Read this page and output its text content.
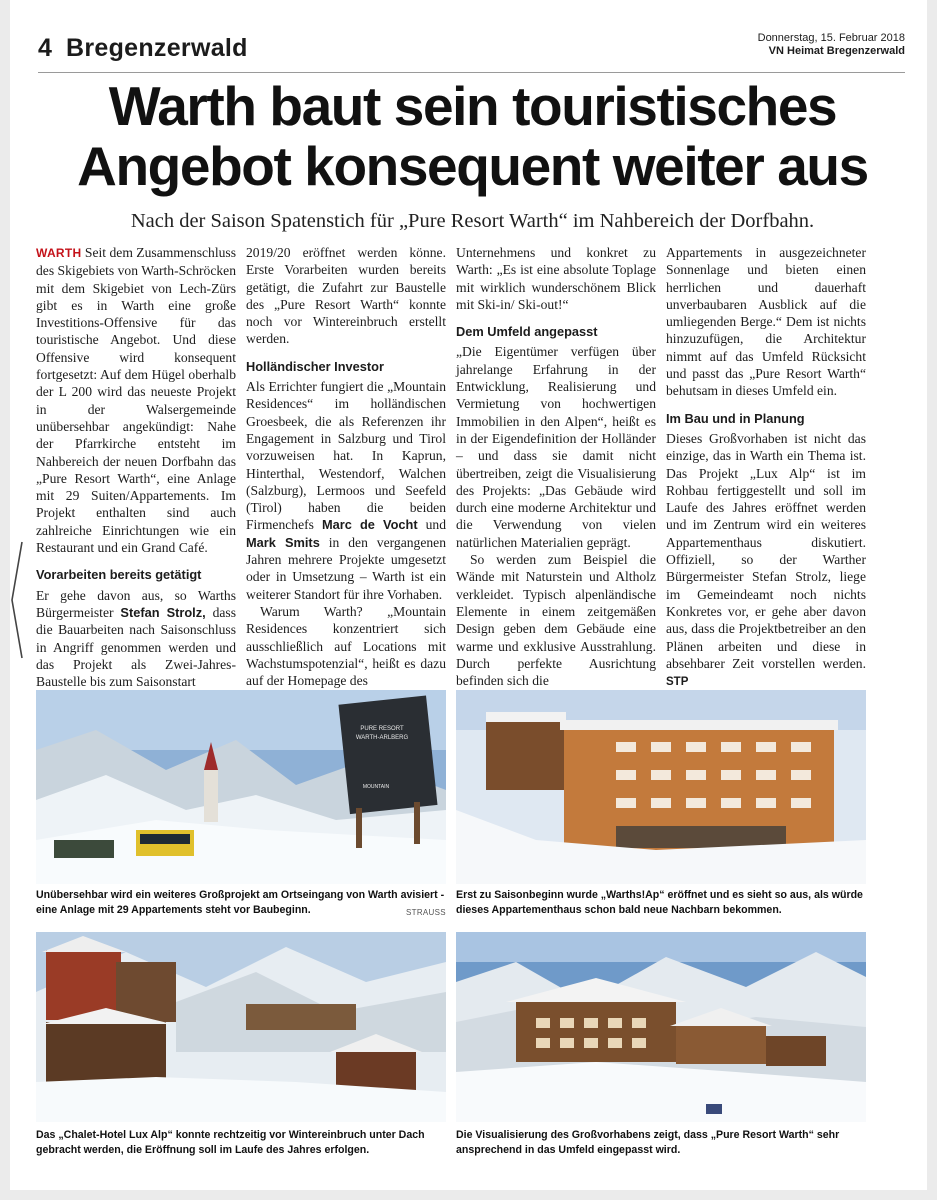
4 Bregenzerwald	Donnerstag, 15. Februar 2018
VN Heimat Bregenzerwald
Warth baut sein touristisches
Angebot konsequent weiter aus
Nach der Saison Spatenstich für „Pure Resort Warth“ im Nahbereich der Dorfbahn.

WARTH Seit dem Zusammenschluss des Skigebiets von Warth-Schröcken mit dem Skigebiet von Lech-Zürs gibt es in Warth eine große Investitions-Offensive für das touristische Angebot. Und diese Offensive wird konsequent fortgesetzt: Auf dem Hügel oberhalb der L 200 wird das neueste Projekt in der Walsergemeinde unübersehbar angekündigt: Nahe der Pfarrkirche entsteht im Nahbereich der neuen Dorfbahn das „Pure Resort Warth“, eine Anlage mit 29 Suiten/Appartements. Im Projekt enthalten sind auch zahlreiche Einrichtungen wie ein Restaurant und ein Grand Café.

Vorarbeiten bereits getätigt

Er gehe davon aus, so Warths Bürgermeister Stefan Strolz, dass die Bauarbeiten nach Saisonschluss in Angriff genommen werden und das Projekt als Zwei-Jahres-Baustelle bis zum Saisonstart

2019/20 eröffnet werden könne. Erste Vorarbeiten wurden bereits getätigt, die Zufahrt zur Baustelle des „Pure Resort Warth“ konnte noch vor Wintereinbruch erstellt werden.

Holländischer Investor

Als Errichter fungiert die „Mountain Residences“ im holländischen Groesbeek, die als Referenzen ihr Engagement in Salzburg und Tirol vorzuweisen hat. In Kaprun, Hinterthal, Westendorf, Walchen (Salzburg), Lermoos und Seefeld (Tirol) haben die beiden Firmenchefs Marc de Vocht und Mark Smits in den vergangenen Jahren mehrere Projekte umgesetzt oder in Umsetzung – Warth ist ein weiterer Standort für ihre Vorhaben.

Warum Warth? „Mountain Residences konzentriert sich ausschließlich auf Locations mit Wachstumspotenzial“, heißt es dazu auf der Homepage des

Unternehmens und konkret zu Warth: „Es ist eine absolute Toplage mit wirklich wunderschönem Blick mit Ski-in/ Ski-out!“

Dem Umfeld angepasst

„Die Eigentümer verfügen über jahrelange Erfahrung in der Entwicklung, Realisierung und Vermietung von hochwertigen Immobilien in den Alpen“, heißt es in der Eigendefinition der Holländer – und dass sie damit nicht übertreiben, zeigt die Visualisierung des Projekts: „Das Gebäude wird durch eine moderne Architektur und die Verwendung von vielen natürlichen Materialien geprägt.

So werden zum Beispiel die Wände mit Naturstein und Altholz verkleidet. Typisch alpenländische Elemente in einem zeitgemäßen Design geben dem Gebäude eine warme und exklusive Ausstrahlung. Durch perfekte Ausrichtung befinden sich die

Appartements in ausgezeichneter Sonnenlage und bieten einen herrlichen und dauerhaft unverbaubaren Ausblick auf die umliegenden Berge.“ Dem ist nichts hinzuzufügen, die Architektur nimmt auf das Umfeld Rücksicht und passt das „Pure Resort Warth“ behutsam in dieses Umfeld ein.

Im Bau und in Planung

Dieses Großvorhaben ist nicht das einzige, das in Warth ein Thema ist. Das Projekt „Lux Alp“ ist im Rohbau fertiggestellt und soll im Laufe des Jahres eröffnet werden und im Zentrum wird ein weiteres Appartementhaus diskutiert. Offiziell, so der Warther Bürgermeister Stefan Strolz, liege im Gemeindeamt noch nichts Konkretes vor, er gehe aber davon aus, dass die Projektbetreiber an den Plänen arbeiten und diese in absehbarer Zeit vorstellen werden. STP

PURE RESORT
WARTH-ARLBERG
MOUNTAIN
Unübersehbar wird ein weiteres Großprojekt am Ortseingang von Warth avisiert - eine Anlage mit 29 Appartements steht vor Baubeginn.	STRAUSS
Erst zu Saisonbeginn wurde „Warths!Ap“ eröffnet und es sieht so aus, als würde dieses Appartementhaus schon bald neue Nachbarn bekommen.
Das „Chalet-Hotel Lux Alp“ konnte rechtzeitig vor Wintereinbruch unter Dach gebracht werden, die Eröffnung soll im Laufe des Jahres erfolgen.
Die Visualisierung des Großvorhabens zeigt, dass „Pure Resort Warth“ sehr ansprechend in das Umfeld eingepasst wird.
